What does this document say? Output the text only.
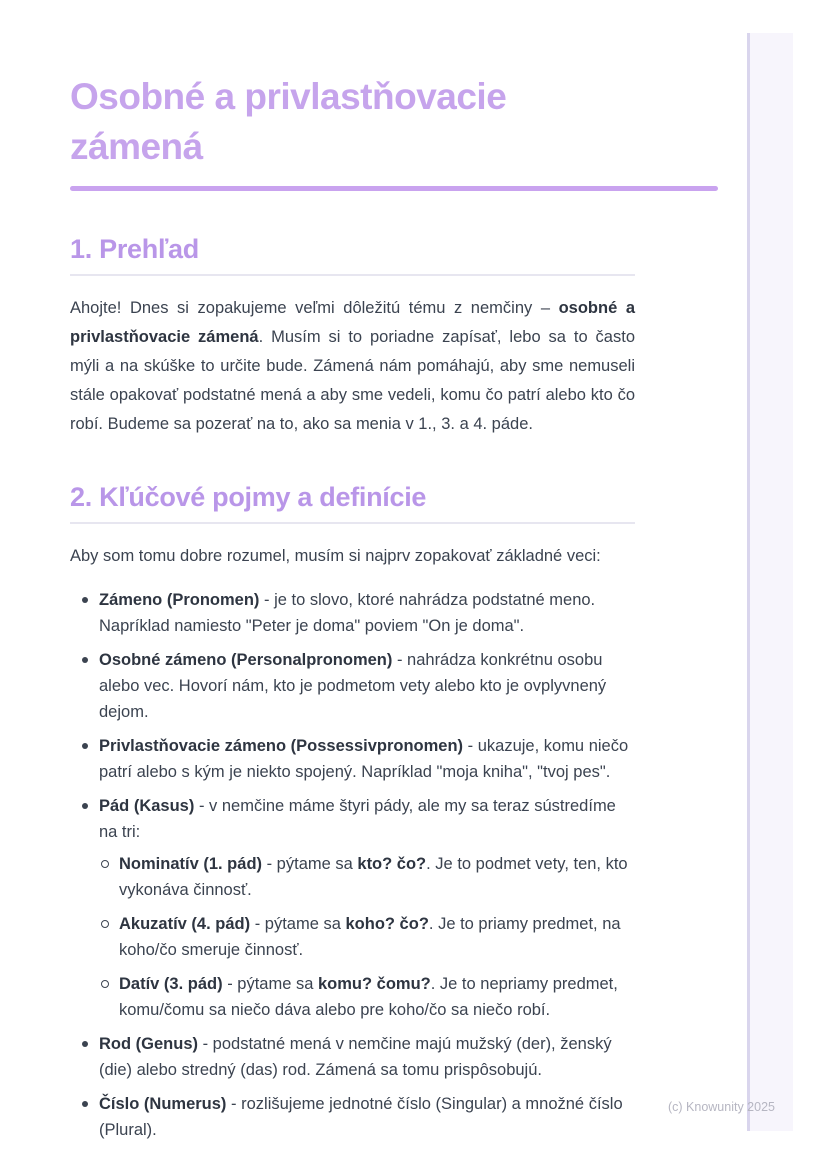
Osobné a privlastňovacie zámená
1. Prehľad

Ahojte! Dnes si zopakujeme veľmi dôležitú tému z nemčiny – osobné a privlastňovacie zámená. Musím si to poriadne zapísať, lebo sa to často mýli a na skúške to určite bude. Zámená nám pomáhajú, aby sme nemuseli stále opakovať podstatné mená a aby sme vedeli, komu čo patrí alebo kto čo robí. Budeme sa pozerať na to, ako sa menia v 1., 3. a 4. páde.

2. Kľúčové pojmy a definície

Aby som tomu dobre rozumel, musím si najprv zopakovať základné veci:

Zámeno (Pronomen) - je to slovo, ktoré nahrádza podstatné meno. Napríklad namiesto "Peter je doma" poviem "On je doma".
Osobné zámeno (Personalpronomen) - nahrádza konkrétnu osobu alebo vec. Hovorí nám, kto je podmetom vety alebo kto je ovplyvnený dejom.
Privlastňovacie zámeno (Possessivpronomen) - ukazuje, komu niečo patrí alebo s kým je niekto spojený. Napríklad "moja kniha", "tvoj pes".
Pád (Kasus) - v nemčine máme štyri pády, ale my sa teraz sústredíme na tri:
Nominatív (1. pád) - pýtame sa kto? čo?. Je to podmet vety, ten, kto vykonáva činnosť.
Akuzatív (4. pád) - pýtame sa koho? čo?. Je to priamy predmet, na koho/čo smeruje činnosť.
Datív (3. pád) - pýtame sa komu? čomu?. Je to nepriamy predmet, komu/čomu sa niečo dáva alebo pre koho/čo sa niečo robí.
Rod (Genus) - podstatné mená v nemčine majú mužský (der), ženský (die) alebo stredný (das) rod. Zámená sa tomu prispôsobujú.
Číslo (Numerus) - rozlišujeme jednotné číslo (Singular) a množné číslo (Plural).
(c) Knowunity 2025
